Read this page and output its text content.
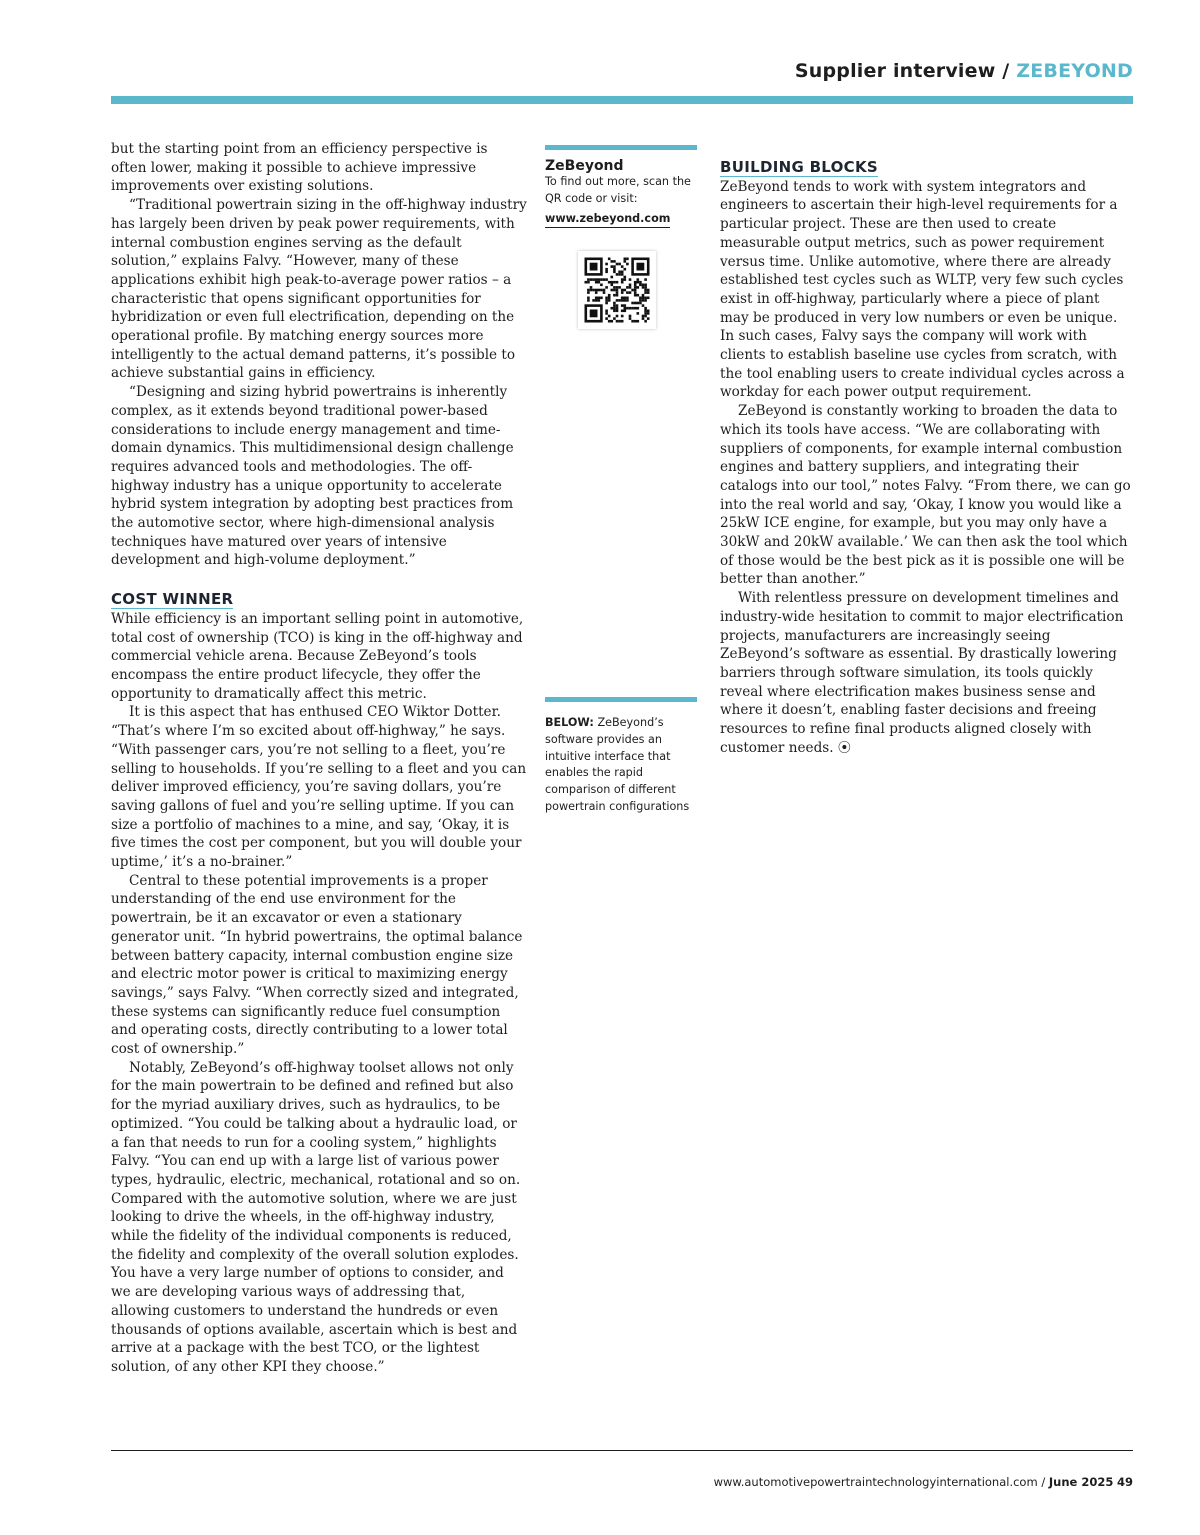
Supplier interview / ZEBEYOND

but the starting point from an efficiency perspective is often lower, making it possible to achieve impressive improvements over existing solutions.

“Traditional powertrain sizing in the off-highway industry has largely been driven by peak power requirements, with internal combustion engines serving as the default solution,” explains Falvy. “However, many of these applications exhibit high peak-to-average power ratios – a characteristic that opens significant opportunities for hybridization or even full electrification, depending on the operational profile. By matching energy sources more intelligently to the actual demand patterns, it’s possible to achieve substantial gains in efficiency.

“Designing and sizing hybrid powertrains is inherently complex, as it extends beyond traditional power-based considerations to include energy management and time-domain dynamics. This multidimensional design challenge requires advanced tools and methodologies. The off-highway industry has a unique opportunity to accelerate hybrid system integration by adopting best practices from the automotive sector, where high-dimensional analysis techniques have matured over years of intensive development and high-volume deployment.”

COST WINNER

While efficiency is an important selling point in automotive, total cost of ownership (TCO) is king in the off-highway and commercial vehicle arena. Because ZeBeyond’s tools encompass the entire product lifecycle, they offer the opportunity to dramatically affect this metric.

It is this aspect that has enthused CEO Wiktor Dotter. “That’s where I’m so excited about off-highway,” he says. “With passenger cars, you’re not selling to a fleet, you’re selling to households. If you’re selling to a fleet and you can deliver improved efficiency, you’re saving dollars, you’re saving gallons of fuel and you’re selling uptime. If you can size a portfolio of machines to a mine, and say, ‘Okay, it is five times the cost per component, but you will double your uptime,’ it’s a no-brainer.”

Central to these potential improvements is a proper understanding of the end use environment for the powertrain, be it an excavator or even a stationary generator unit. “In hybrid powertrains, the optimal balance between battery capacity, internal combustion engine size and electric motor power is critical to maximizing energy savings,” says Falvy. “When correctly sized and integrated, these systems can significantly reduce fuel consumption and operating costs, directly contributing to a lower total cost of ownership.”

Notably, ZeBeyond’s off-highway toolset allows not only for the main powertrain to be defined and refined but also for the myriad auxiliary drives, such as hydraulics, to be optimized. “You could be talking about a hydraulic load, or a fan that needs to run for a cooling system,” highlights Falvy. “You can end up with a large list of various power types, hydraulic, electric, mechanical, rotational and so on. Compared with the automotive solution, where we are just looking to drive the wheels, in the off-highway industry, while the fidelity of the individual components is reduced, the fidelity and complexity of the overall solution explodes. You have a very large number of options to consider, and we are developing various ways of addressing that, allowing customers to understand the hundreds or even thousands of options available, ascertain which is best and arrive at a package with the best TCO, or the lightest solution, of any other KPI they choose.”

ZeBeyond
To find out more, scan the QR code or visit:
www.zebeyond.com
BELOW: ZeBeyond’s software provides an intuitive interface that enables the rapid comparison of different powertrain configurations
BUILDING BLOCKS

ZeBeyond tends to work with system integrators and engineers to ascertain their high-level requirements for a particular project. These are then used to create measurable output metrics, such as power requirement versus time. Unlike automotive, where there are already established test cycles such as WLTP, very few such cycles exist in off-highway, particularly where a piece of plant may be produced in very low numbers or even be unique. In such cases, Falvy says the company will work with clients to establish baseline use cycles from scratch, with the tool enabling users to create individual cycles across a workday for each power output requirement.

ZeBeyond is constantly working to broaden the data to which its tools have access. “We are collaborating with suppliers of components, for example internal combustion engines and battery suppliers, and integrating their catalogs into our tool,” notes Falvy. “From there, we can go into the real world and say, ‘Okay, I know you would like a 25kW ICE engine, for example, but you may only have a 30kW and 20kW available.’ We can then ask the tool which of those would be the best pick as it is possible one will be better than another.”

With relentless pressure on development timelines and industry-wide hesitation to commit to major electrification projects, manufacturers are increasingly seeing ZeBeyond’s software as essential. By drastically lowering barriers through software simulation, its tools quickly reveal where electrification makes business sense and where it doesn’t, enabling faster decisions and freeing resources to refine final products aligned closely with customer needs. ⦿

www.automotivepowertraintechnologyinternational.com / June 2025 49
